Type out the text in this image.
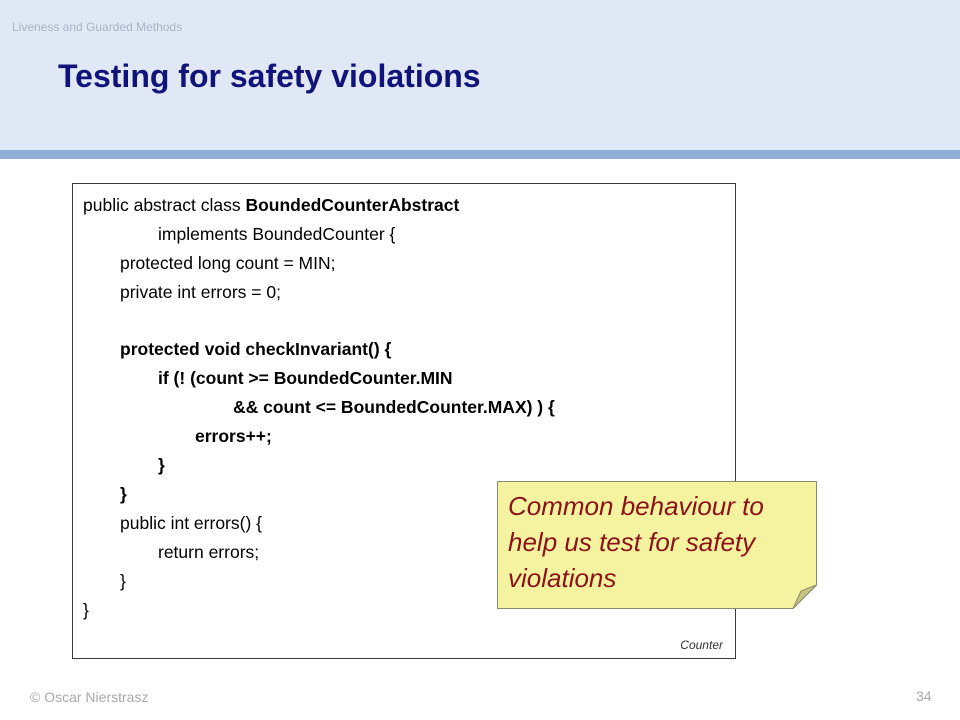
Liveness and Guarded Methods
Testing for safety violations
public abstract class BoundedCounterAbstract
implements BoundedCounter {
protected long count = MIN;
private int errors = 0;
protected void checkInvariant() {
if (! (count >= BoundedCounter.MIN
&& count <= BoundedCounter.MAX) ) {
errors++;
}
}
public int errors() {
return errors;
}
}
Counter
Common behaviour to help us test for safety violations
© Oscar Nierstrasz	34
